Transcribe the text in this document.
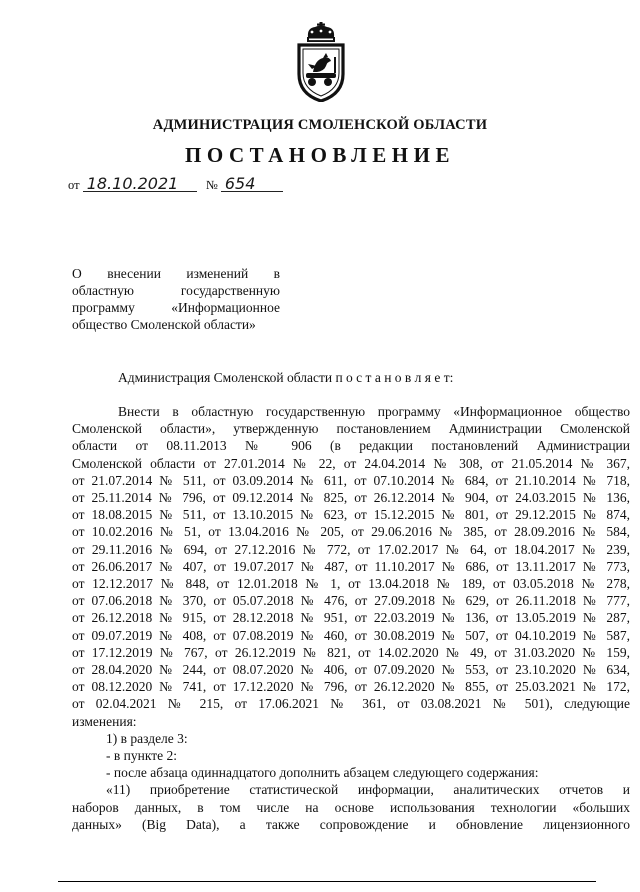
АДМИНИСТРАЦИЯ СМОЛЕНСКОЙ ОБЛАСТИ
ПОСТАНОВЛЕНИЕ
от 18.10.2021 № 654
О внесении изменений в
областную государственную
программу «Информационное
общество Смоленской области»
Администрация Смоленской области п о с т а н о в л я е т:
Внести в областную государственную программу «Информационное общество
Смоленской области», утвержденную постановлением Администрации Смоленской
области от 08.11.2013 № 906 (в редакции постановлений Администрации
Смоленской области от 27.01.2014 № 22, от 24.04.2014 № 308, от 21.05.2014 № 367,
от 21.07.2014 № 511, от 03.09.2014 № 611, от 07.10.2014 № 684, от 21.10.2014 № 718,
от 25.11.2014 № 796, от 09.12.2014 № 825, от 26.12.2014 № 904, от 24.03.2015 № 136,
от 18.08.2015 № 511, от 13.10.2015 № 623, от 15.12.2015 № 801, от 29.12.2015 № 874,
от 10.02.2016 № 51, от 13.04.2016 № 205, от 29.06.2016 № 385, от 28.09.2016 № 584,
от 29.11.2016 № 694, от 27.12.2016 № 772, от 17.02.2017 № 64, от 18.04.2017 № 239,
от 26.06.2017 № 407, от 19.07.2017 № 487, от 11.10.2017 № 686, от 13.11.2017 № 773,
от 12.12.2017 № 848, от 12.01.2018 № 1, от 13.04.2018 № 189, от 03.05.2018 № 278,
от 07.06.2018 № 370, от 05.07.2018 № 476, от 27.09.2018 № 629, от 26.11.2018 № 777,
от 26.12.2018 № 915, от 28.12.2018 № 951, от 22.03.2019 № 136, от 13.05.2019 № 287,
от 09.07.2019 № 408, от 07.08.2019 № 460, от 30.08.2019 № 507, от 04.10.2019 № 587,
от 17.12.2019 № 767, от 26.12.2019 № 821, от 14.02.2020 № 49, от 31.03.2020 № 159,
от 28.04.2020 № 244, от 08.07.2020 № 406, от 07.09.2020 № 553, от 23.10.2020 № 634,
от 08.12.2020 № 741, от 17.12.2020 № 796, от 26.12.2020 № 855, от 25.03.2021 № 172,
от 02.04.2021 № 215, от 17.06.2021 № 361, от 03.08.2021 № 501), следующие
изменения:
1) в разделе 3:
- в пункте 2:
- после абзаца одиннадцатого дополнить абзацем следующего содержания:
«11) приобретение статистической информации, аналитических отчетов и
наборов данных, в том числе на основе использования технологии «больших
данных» (Big Data), а также сопровождение и обновление лицензионного
